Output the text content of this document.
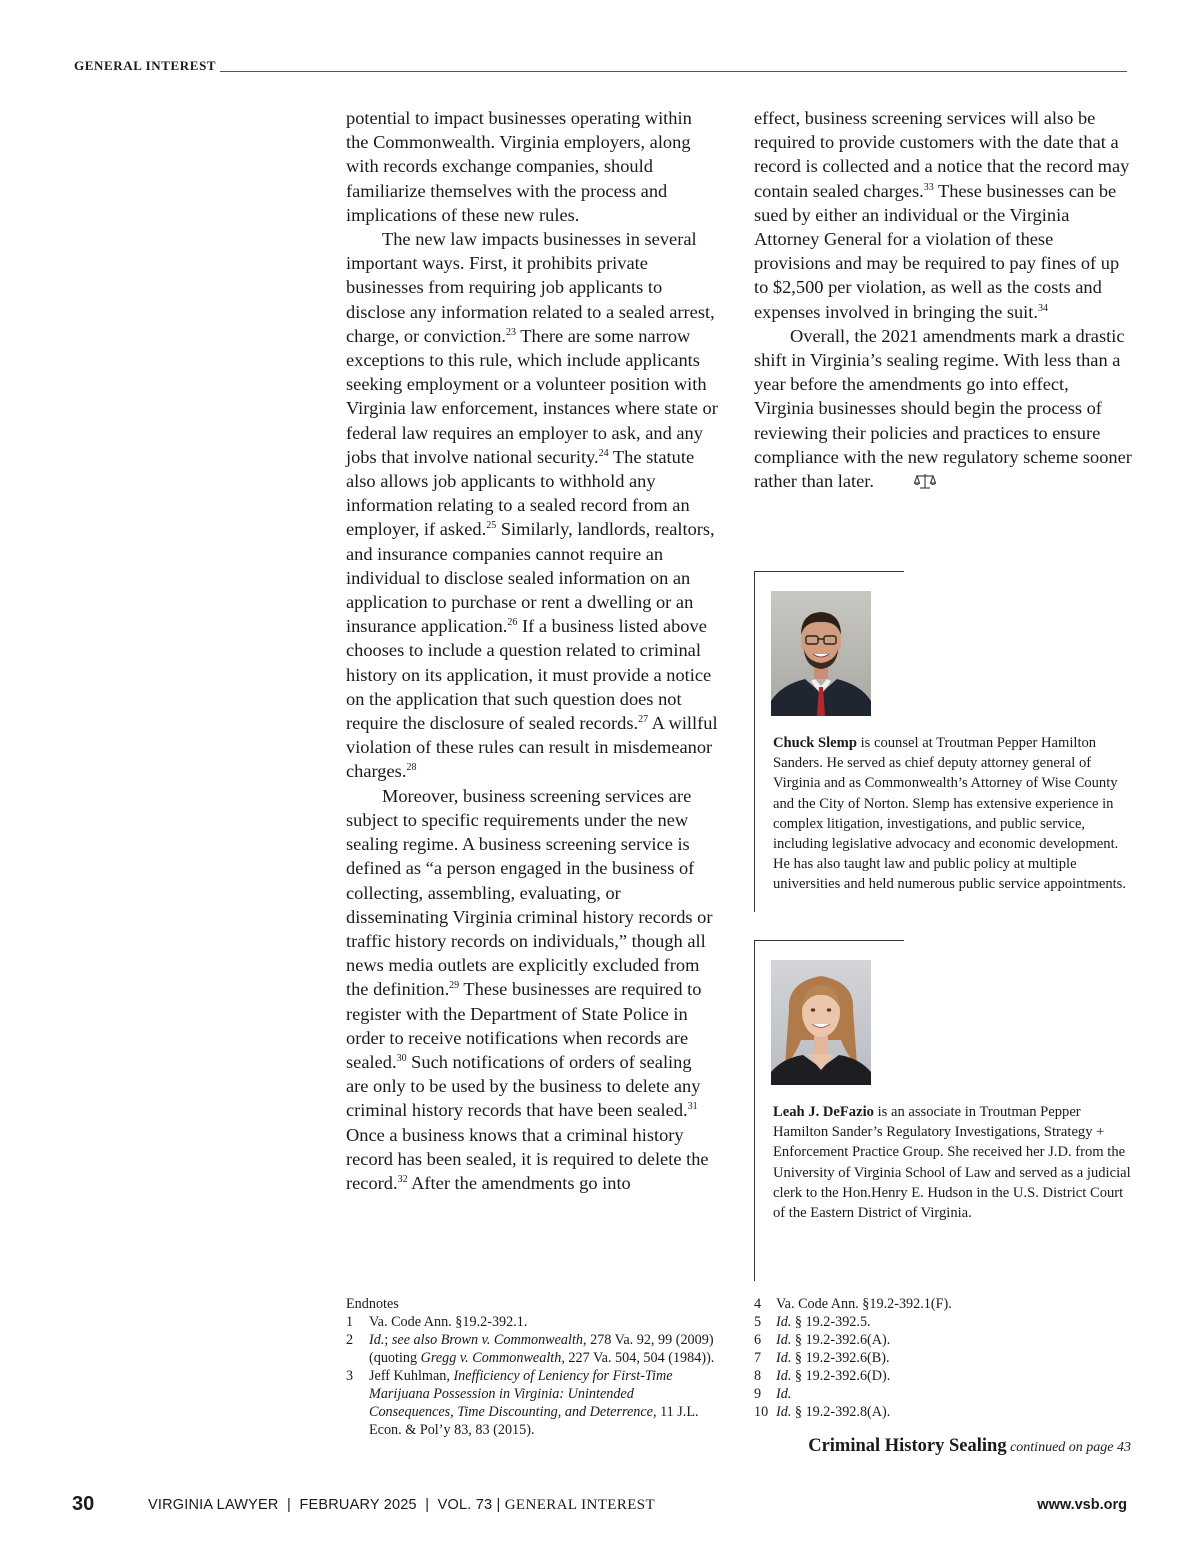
GENERAL INTEREST

potential to impact businesses operating within the Commonwealth. Virginia employers, along with records exchange companies, should familiarize themselves with the process and implications of these new rules.

The new law impacts businesses in several important ways. First, it prohibits private businesses from requiring job applicants to disclose any information related to a sealed arrest, charge, or conviction.$^{23}$ There are some narrow exceptions to this rule, which include applicants seeking employment or a volunteer position with Virginia law enforcement, instances where state or federal law requires an employer to ask, and any jobs that involve national security.$^{24}$ The statute also allows job applicants to withhold any information relating to a sealed record from an employer, if asked.$^{25}$ Similarly, landlords, realtors, and insurance companies cannot require an individual to disclose sealed information on an application to purchase or rent a dwelling or an insurance application.$^{26}$ If a business listed above chooses to include a question related to criminal history on its application, it must provide a notice on the application that such question does not require the disclosure of sealed records.$^{27}$ A willful violation of these rules can result in misdemeanor charges.$^{28}$

Moreover, business screening services are subject to specific requirements under the new sealing regime. A business screening service is defined as “a person engaged in the business of collecting, assembling, evaluating, or disseminating Virginia criminal history records or traffic history records on individuals,” though all news media outlets are explicitly excluded from the definition.$^{29}$ These businesses are required to register with the Department of State Police in order to receive notifications when records are sealed.$^{30}$ Such notifications of orders of sealing are only to be used by the business to delete any criminal history records that have been sealed.$^{31}$ Once a business knows that a criminal history record has been sealed, it is required to delete the record.$^{32}$ After the amendments go into

effect, business screening services will also be required to provide customers with the date that a record is collected and a notice that the record may contain sealed charges.$^{33}$ These businesses can be sued by either an individual or the Virginia Attorney General for a violation of these provisions and may be required to pay fines of up to $2,500 per violation, as well as the costs and expenses involved in bringing the suit.$^{34}$

Overall, the 2021 amendments mark a drastic shift in Virginia’s sealing regime. With less than a year before the amendments go into effect, Virginia businesses should begin the process of reviewing their policies and practices to ensure compliance with the new regulatory scheme sooner rather than later.

Chuck Slemp is counsel at Troutman Pepper Hamilton Sanders. He served as chief deputy attorney general of Virginia and as Commonwealth’s Attorney of Wise County and the City of Norton. Slemp has extensive experience in complex litigation, investigations, and public service, including legislative advocacy and economic development. He has also taught law and public policy at multiple universities and held numerous public service appointments.
Leah J. DeFazio is an associate in Troutman Pepper Hamilton Sander’s Regulatory Investigations, Strategy + Enforcement Practice Group. She received her J.D. from the University of Virginia School of Law and served as a judicial clerk to the Hon.Henry E. Hudson in the U.S. District Court of the Eastern District of Virginia.
Endnotes
1	Va. Code Ann. §19.2-392.1.
2	Id.; see also Brown v. Commonwealth, 278 Va. 92, 99 (2009) (quoting Gregg v. Commonwealth, 227 Va. 504, 504 (1984)).
3	Jeff Kuhlman, Inefficiency of Leniency for First-Time Marijuana Possession in Virginia: Unintended Consequences, Time Discounting, and Deterrence, 11 J.L. Econ. & Pol’y 83, 83 (2015).
4	Va. Code Ann. §19.2-392.1(F).
5	Id. § 19.2-392.5.
6	Id. § 19.2-392.6(A).
7	Id. § 19.2-392.6(B).
8	Id. § 19.2-392.6(D).
9	Id.
10 Id. § 19.2-392.8(A).
Criminal History Sealing continued on page 43
30	VIRGINIA LAWYER  |  FEBRUARY 2025  |  VOL. 73 | GENERAL INTEREST	www.vsb.org
